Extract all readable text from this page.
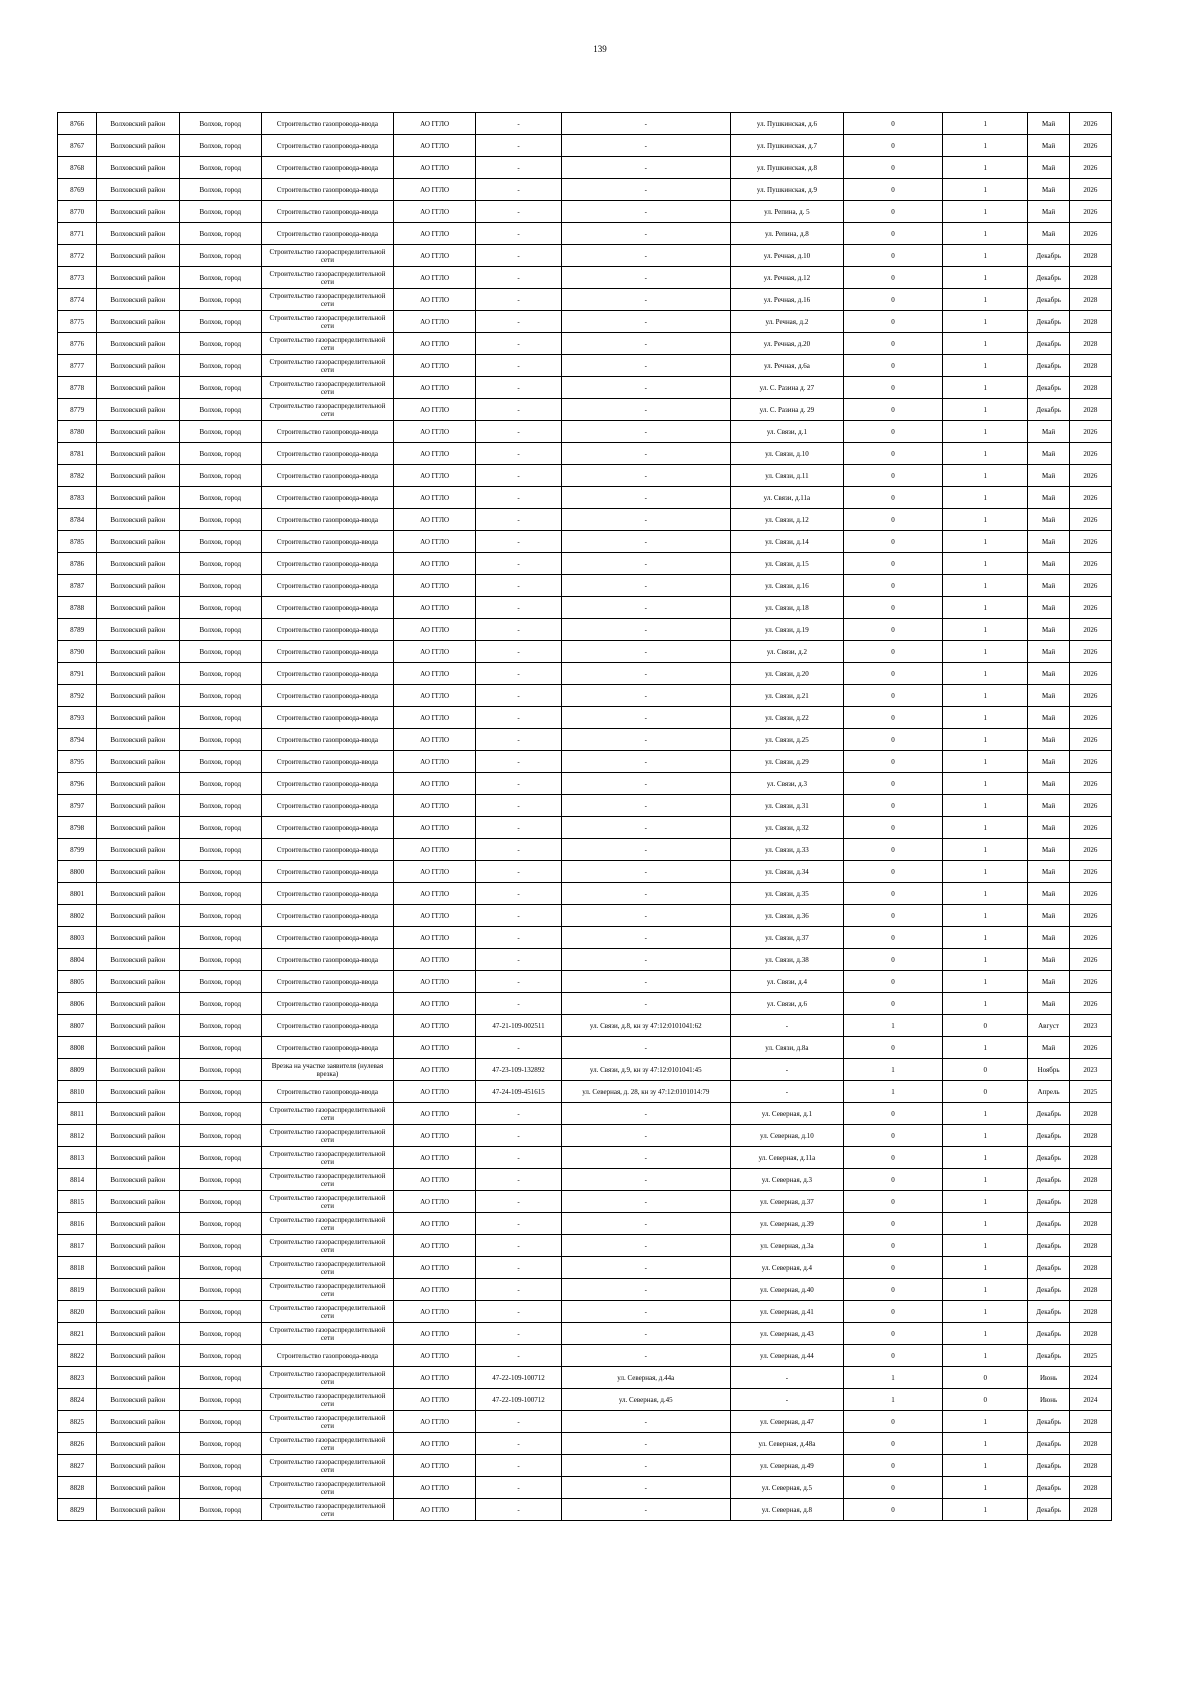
139
8766	Волховский район	Волхов, город	Строительство газопровода-ввода	АО ГГЛО	-	-	ул. Пушкинская, д.6	0	1	Май	2026
8767	Волховский район	Волхов, город	Строительство газопровода-ввода	АО ГГЛО	-	-	ул. Пушкинская, д.7	0	1	Май	2026
8768	Волховский район	Волхов, город	Строительство газопровода-ввода	АО ГГЛО	-	-	ул. Пушкинская, д.8	0	1	Май	2026
8769	Волховский район	Волхов, город	Строительство газопровода-ввода	АО ГГЛО	-	-	ул. Пушкинская, д.9	0	1	Май	2026
8770	Волховский район	Волхов, город	Строительство газопровода-ввода	АО ГГЛО	-	-	ул. Репина, д. 5	0	1	Май	2026
8771	Волховский район	Волхов, город	Строительство газопровода-ввода	АО ГГЛО	-	-	ул. Репина, д.8	0	1	Май	2026
8772	Волховский район	Волхов, город	Строительство газораспределительной сети	АО ГГЛО	-	-	ул. Речная, д.10	0	1	Декабрь	2028
8773	Волховский район	Волхов, город	Строительство газораспределительной сети	АО ГГЛО	-	-	ул. Речная, д.12	0	1	Декабрь	2028
8774	Волховский район	Волхов, город	Строительство газораспределительной сети	АО ГГЛО	-	-	ул. Речная, д.16	0	1	Декабрь	2028
8775	Волховский район	Волхов, город	Строительство газораспределительной сети	АО ГГЛО	-	-	ул. Речная, д.2	0	1	Декабрь	2028
8776	Волховский район	Волхов, город	Строительство газораспределительной сети	АО ГГЛО	-	-	ул. Речная, д.20	0	1	Декабрь	2028
8777	Волховский район	Волхов, город	Строительство газораспределительной сети	АО ГГЛО	-	-	ул. Речная, д.6а	0	1	Декабрь	2028
8778	Волховский район	Волхов, город	Строительство газораспределительной сети	АО ГГЛО	-	-	ул. С. Разина д. 27	0	1	Декабрь	2028
8779	Волховский район	Волхов, город	Строительство газораспределительной сети	АО ГГЛО	-	-	ул. С. Разина д. 29	0	1	Декабрь	2028
8780	Волховский район	Волхов, город	Строительство газопровода-ввода	АО ГГЛО	-	-	ул. Связи, д.1	0	1	Май	2026
8781	Волховский район	Волхов, город	Строительство газопровода-ввода	АО ГГЛО	-	-	ул. Связи, д.10	0	1	Май	2026
8782	Волховский район	Волхов, город	Строительство газопровода-ввода	АО ГГЛО	-	-	ул. Связи, д.11	0	1	Май	2026
8783	Волховский район	Волхов, город	Строительство газопровода-ввода	АО ГГЛО	-	-	ул. Связи, д.11а	0	1	Май	2026
8784	Волховский район	Волхов, город	Строительство газопровода-ввода	АО ГГЛО	-	-	ул. Связи, д.12	0	1	Май	2026
8785	Волховский район	Волхов, город	Строительство газопровода-ввода	АО ГГЛО	-	-	ул. Связи, д.14	0	1	Май	2026
8786	Волховский район	Волхов, город	Строительство газопровода-ввода	АО ГГЛО	-	-	ул. Связи, д.15	0	1	Май	2026
8787	Волховский район	Волхов, город	Строительство газопровода-ввода	АО ГГЛО	-	-	ул. Связи, д.16	0	1	Май	2026
8788	Волховский район	Волхов, город	Строительство газопровода-ввода	АО ГГЛО	-	-	ул. Связи, д.18	0	1	Май	2026
8789	Волховский район	Волхов, город	Строительство газопровода-ввода	АО ГГЛО	-	-	ул. Связи, д.19	0	1	Май	2026
8790	Волховский район	Волхов, город	Строительство газопровода-ввода	АО ГГЛО	-	-	ул. Связи, д.2	0	1	Май	2026
8791	Волховский район	Волхов, город	Строительство газопровода-ввода	АО ГГЛО	-	-	ул. Связи, д.20	0	1	Май	2026
8792	Волховский район	Волхов, город	Строительство газопровода-ввода	АО ГГЛО	-	-	ул. Связи, д.21	0	1	Май	2026
8793	Волховский район	Волхов, город	Строительство газопровода-ввода	АО ГГЛО	-	-	ул. Связи, д.22	0	1	Май	2026
8794	Волховский район	Волхов, город	Строительство газопровода-ввода	АО ГГЛО	-	-	ул. Связи, д.25	0	1	Май	2026
8795	Волховский район	Волхов, город	Строительство газопровода-ввода	АО ГГЛО	-	-	ул. Связи, д.29	0	1	Май	2026
8796	Волховский район	Волхов, город	Строительство газопровода-ввода	АО ГГЛО	-	-	ул. Связи, д.3	0	1	Май	2026
8797	Волховский район	Волхов, город	Строительство газопровода-ввода	АО ГГЛО	-	-	ул. Связи, д.31	0	1	Май	2026
8798	Волховский район	Волхов, город	Строительство газопровода-ввода	АО ГГЛО	-	-	ул. Связи, д.32	0	1	Май	2026
8799	Волховский район	Волхов, город	Строительство газопровода-ввода	АО ГГЛО	-	-	ул. Связи, д.33	0	1	Май	2026
8800	Волховский район	Волхов, город	Строительство газопровода-ввода	АО ГГЛО	-	-	ул. Связи, д.34	0	1	Май	2026
8801	Волховский район	Волхов, город	Строительство газопровода-ввода	АО ГГЛО	-	-	ул. Связи, д.35	0	1	Май	2026
8802	Волховский район	Волхов, город	Строительство газопровода-ввода	АО ГГЛО	-	-	ул. Связи, д.36	0	1	Май	2026
8803	Волховский район	Волхов, город	Строительство газопровода-ввода	АО ГГЛО	-	-	ул. Связи, д.37	0	1	Май	2026
8804	Волховский район	Волхов, город	Строительство газопровода-ввода	АО ГГЛО	-	-	ул. Связи, д.38	0	1	Май	2026
8805	Волховский район	Волхов, город	Строительство газопровода-ввода	АО ГГЛО	-	-	ул. Связи, д.4	0	1	Май	2026
8806	Волховский район	Волхов, город	Строительство газопровода-ввода	АО ГГЛО	-	-	ул. Связи, д.6	0	1	Май	2026
8807	Волховский район	Волхов, город	Строительство газопровода-ввода	АО ГГЛО	47-21-109-002511	ул. Связи, д.8, кн зу 47:12:0101041:62	-	1	0	Август	2023
8808	Волховский район	Волхов, город	Строительство газопровода-ввода	АО ГГЛО	-	-	ул. Связи, д.8а	0	1	Май	2026
8809	Волховский район	Волхов, город	Врезка на участке заявителя (нулевая врезка)	АО ГГЛО	47-23-109-132892	ул. Связи, д.9, кн зу 47:12:0101041:45	-	1	0	Ноябрь	2023
8810	Волховский район	Волхов, город	Строительство газопровода-ввода	АО ГГЛО	47-24-109-451615	ул. Северная, д. 28, кн зу 47:12:0101014:79	-	1	0	Апрель	2025
8811	Волховский район	Волхов, город	Строительство газораспределительной сети	АО ГГЛО	-	-	ул. Северная, д.1	0	1	Декабрь	2028
8812	Волховский район	Волхов, город	Строительство газораспределительной сети	АО ГГЛО	-	-	ул. Северная, д.10	0	1	Декабрь	2028
8813	Волховский район	Волхов, город	Строительство газораспределительной сети	АО ГГЛО	-	-	ул. Северная, д.11а	0	1	Декабрь	2028
8814	Волховский район	Волхов, город	Строительство газораспределительной сети	АО ГГЛО	-	-	ул. Северная, д.3	0	1	Декабрь	2028
8815	Волховский район	Волхов, город	Строительство газораспределительной сети	АО ГГЛО	-	-	ул. Северная, д.37	0	1	Декабрь	2028
8816	Волховский район	Волхов, город	Строительство газораспределительной сети	АО ГГЛО	-	-	ул. Северная, д.39	0	1	Декабрь	2028
8817	Волховский район	Волхов, город	Строительство газораспределительной сети	АО ГГЛО	-	-	ул. Северная, д.3а	0	1	Декабрь	2028
8818	Волховский район	Волхов, город	Строительство газораспределительной сети	АО ГГЛО	-	-	ул. Северная, д.4	0	1	Декабрь	2028
8819	Волховский район	Волхов, город	Строительство газораспределительной сети	АО ГГЛО	-	-	ул. Северная, д.40	0	1	Декабрь	2028
8820	Волховский район	Волхов, город	Строительство газораспределительной сети	АО ГГЛО	-	-	ул. Северная, д.41	0	1	Декабрь	2028
8821	Волховский район	Волхов, город	Строительство газораспределительной сети	АО ГГЛО	-	-	ул. Северная, д.43	0	1	Декабрь	2028
8822	Волховский район	Волхов, город	Строительство газопровода-ввода	АО ГГЛО	-	-	ул. Северная, д.44	0	1	Декабрь	2025
8823	Волховский район	Волхов, город	Строительство газораспределительной сети	АО ГГЛО	47-22-109-100712	ул. Северная, д.44а	-	1	0	Июнь	2024
8824	Волховский район	Волхов, город	Строительство газораспределительной сети	АО ГГЛО	47-22-109-100712	ул. Северная, д.45	-	1	0	Июнь	2024
8825	Волховский район	Волхов, город	Строительство газораспределительной сети	АО ГГЛО	-	-	ул. Северная, д.47	0	1	Декабрь	2028
8826	Волховский район	Волхов, город	Строительство газораспределительной сети	АО ГГЛО	-	-	ул. Северная, д.48а	0	1	Декабрь	2028
8827	Волховский район	Волхов, город	Строительство газораспределительной сети	АО ГГЛО	-	-	ул. Северная, д.49	0	1	Декабрь	2028
8828	Волховский район	Волхов, город	Строительство газораспределительной сети	АО ГГЛО	-	-	ул. Северная, д.5	0	1	Декабрь	2028
8829	Волховский район	Волхов, город	Строительство газораспределительной сети	АО ГГЛО	-	-	ул. Северная, д.8	0	1	Декабрь	2028
